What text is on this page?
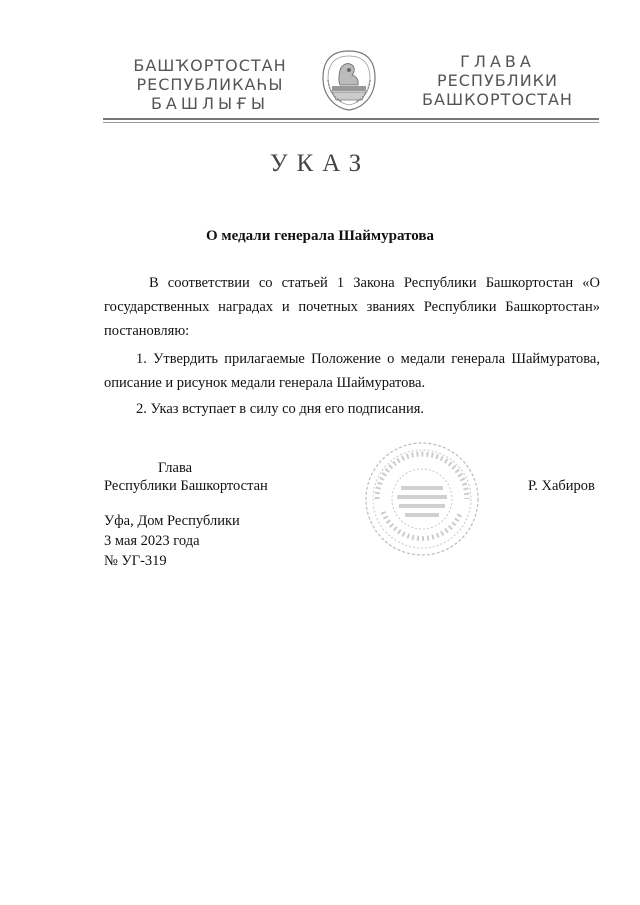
БАШҠОРТОСТАН
РЕСПУБЛИКАҺЫ
БАШЛЫҒЫ
ГЛАВА
РЕСПУБЛИКИ
БАШКОРТОСТАН
УКАЗ
О медали генерала Шаймуратова
В соответствии со статьей 1 Закона Республики Башкортостан «О государственных наградах и почетных званиях Республики Башкортостан» постановляю:
1. Утвердить прилагаемые Положение о медали генерала Шаймуратова, описание и рисунок медали генерала Шаймуратова.
2. Указ вступает в силу со дня его подписания.
Глава
Республики Башкортостан	Р. Хабиров
Уфа, Дом Республики
3 мая 2023 года
№ УГ-319
